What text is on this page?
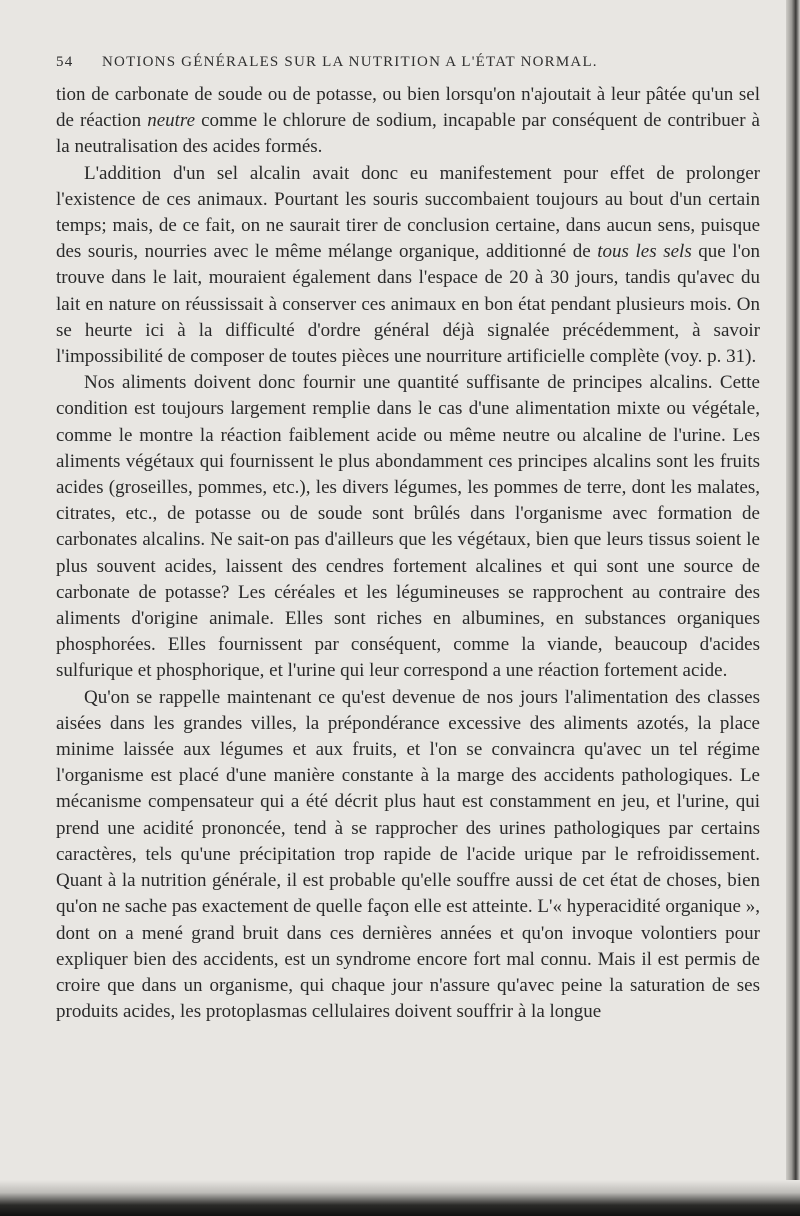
54 NOTIONS GÉNÉRALES SUR LA NUTRITION A L'ÉTAT NORMAL.

tion de carbonate de soude ou de potasse, ou bien lorsqu'on n'ajoutait à leur pâtée qu'un sel de réaction neutre comme le chlorure de sodium, incapable par conséquent de contribuer à la neutralisation des acides formés.

L'addition d'un sel alcalin avait donc eu manifestement pour effet de prolonger l'existence de ces animaux. Pourtant les souris succombaient toujours au bout d'un certain temps; mais, de ce fait, on ne saurait tirer de conclusion certaine, dans aucun sens, puisque des souris, nourries avec le même mélange organique, additionné de tous les sels que l'on trouve dans le lait, mouraient également dans l'espace de 20 à 30 jours, tandis qu'avec du lait en nature on réussissait à conserver ces animaux en bon état pendant plusieurs mois. On se heurte ici à la difficulté d'ordre général déjà signalée précédemment, à savoir l'impossibilité de composer de toutes pièces une nourriture artificielle complète (voy. p. 31).

Nos aliments doivent donc fournir une quantité suffisante de principes alcalins. Cette condition est toujours largement remplie dans le cas d'une alimentation mixte ou végétale, comme le montre la réaction faiblement acide ou même neutre ou alcaline de l'urine. Les aliments végétaux qui fournissent le plus abondamment ces principes alcalins sont les fruits acides (groseilles, pommes, etc.), les divers légumes, les pommes de terre, dont les malates, citrates, etc., de potasse ou de soude sont brûlés dans l'organisme avec formation de carbonates alcalins. Ne sait-on pas d'ailleurs que les végétaux, bien que leurs tissus soient le plus souvent acides, laissent des cendres fortement alcalines et qui sont une source de carbonate de potasse? Les céréales et les légumineuses se rapprochent au contraire des aliments d'origine animale. Elles sont riches en albumines, en substances organiques phosphorées. Elles fournissent par conséquent, comme la viande, beaucoup d'acides sulfurique et phosphorique, et l'urine qui leur correspond a une réaction fortement acide.

Qu'on se rappelle maintenant ce qu'est devenue de nos jours l'alimentation des classes aisées dans les grandes villes, la prépondérance excessive des aliments azotés, la place minime laissée aux légumes et aux fruits, et l'on se convaincra qu'avec un tel régime l'organisme est placé d'une manière constante à la marge des accidents pathologiques. Le mécanisme compensateur qui a été décrit plus haut est constamment en jeu, et l'urine, qui prend une acidité prononcée, tend à se rapprocher des urines pathologiques par certains caractères, tels qu'une précipitation trop rapide de l'acide urique par le refroidissement. Quant à la nutrition générale, il est probable qu'elle souffre aussi de cet état de choses, bien qu'on ne sache pas exactement de quelle façon elle est atteinte. L'« hyperacidité organique », dont on a mené grand bruit dans ces dernières années et qu'on invoque volontiers pour expliquer bien des accidents, est un syndrome encore fort mal connu. Mais il est permis de croire que dans un organisme, qui chaque jour n'assure qu'avec peine la saturation de ses produits acides, les protoplasmas cellulaires doivent souffrir à la longue
